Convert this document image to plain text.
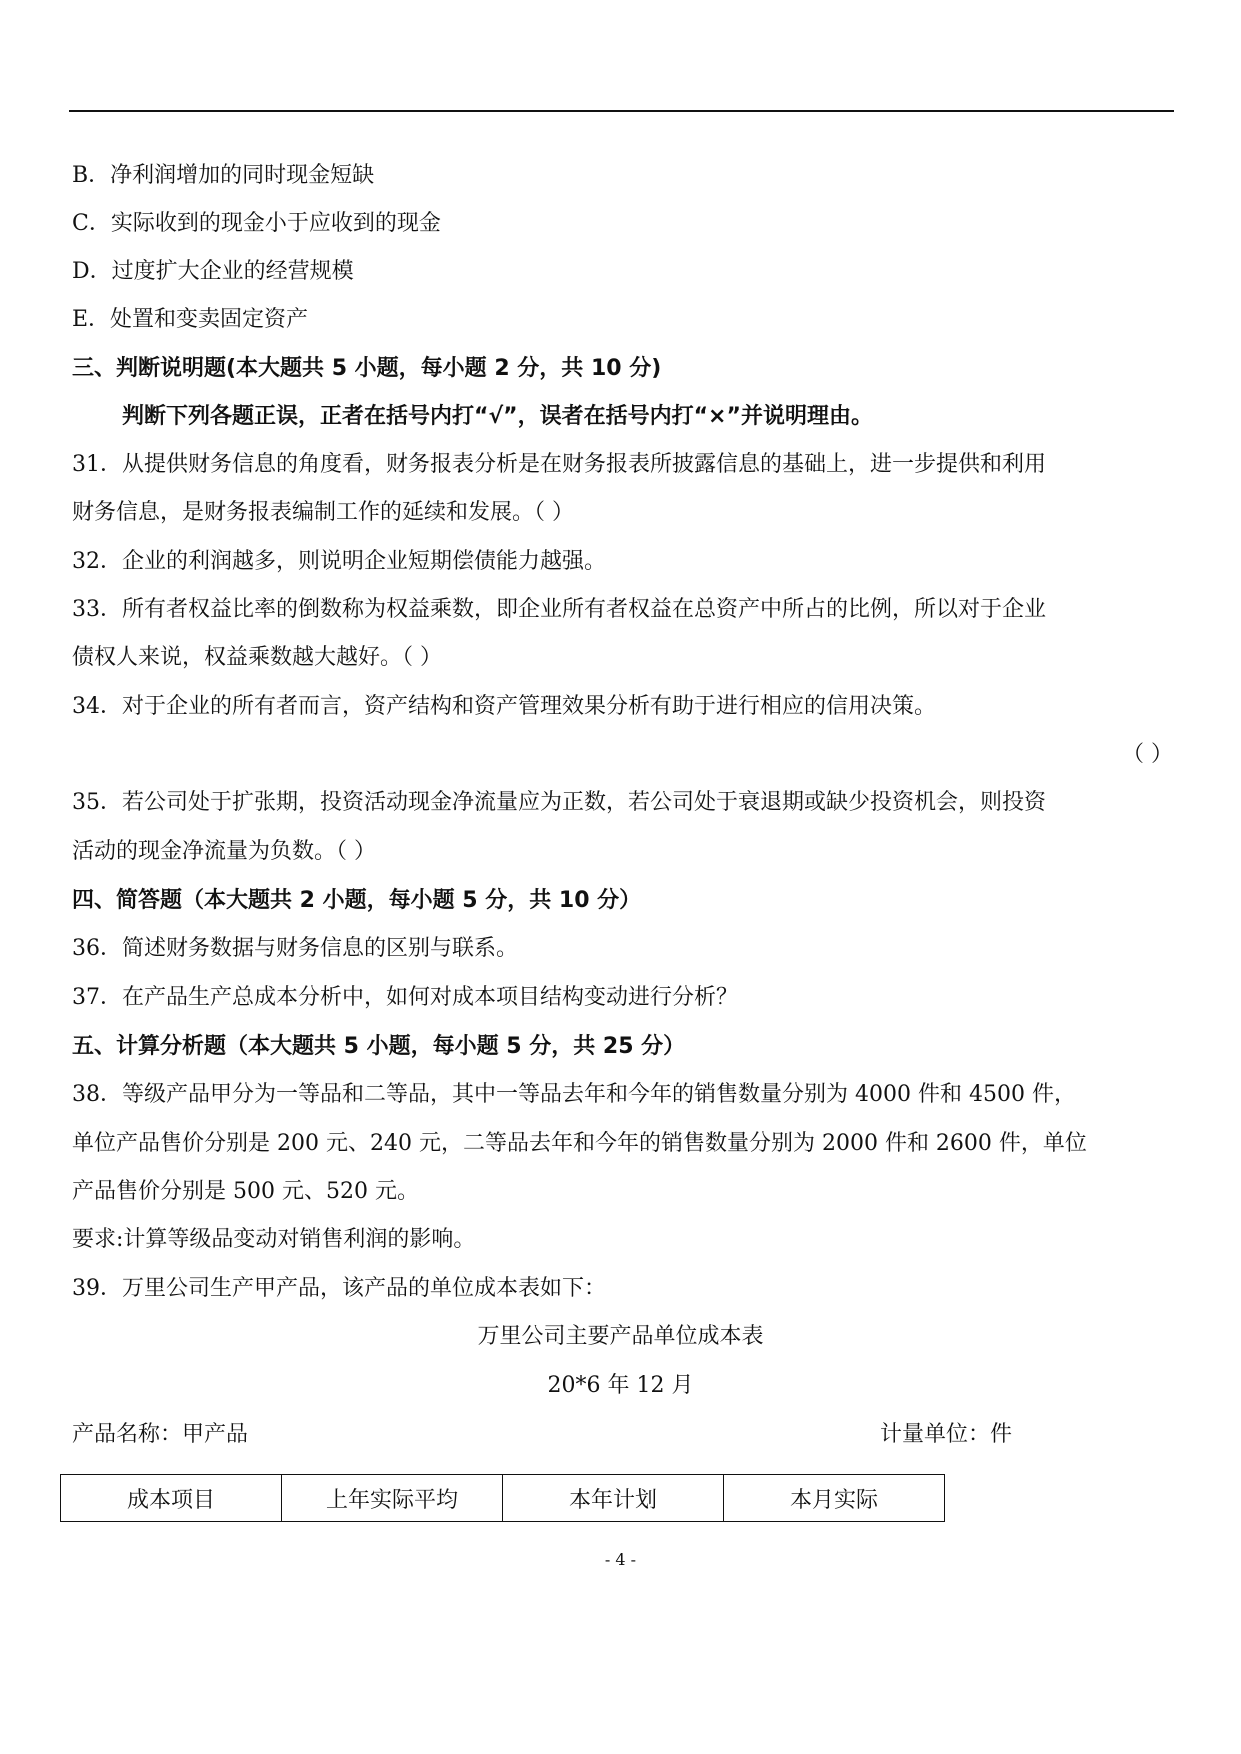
B．净利润增加的同时现金短缺
C．实际收到的现金小于应收到的现金
D．过度扩大企业的经营规模
E．处置和变卖固定资产
三、判断说明题(本大题共 5 小题，每小题 2 分，共 10 分)
判断下列各题正误，正者在括号内打“√”，误者在括号内打“×”并说明理由。
31．从提供财务信息的角度看，财务报表分析是在财务报表所披露信息的基础上，进一步提供和利用
财务信息，是财务报表编制工作的延续和发展。（ ）
32．企业的利润越多，则说明企业短期偿债能力越强。
33．所有者权益比率的倒数称为权益乘数，即企业所有者权益在总资产中所占的比例，所以对于企业
债权人来说，权益乘数越大越好。（ ）
34．对于企业的所有者而言，资产结构和资产管理效果分析有助于进行相应的信用决策。
（ ）
35．若公司处于扩张期，投资活动现金净流量应为正数，若公司处于衰退期或缺少投资机会，则投资
活动的现金净流量为负数。（ ）
四、简答题（本大题共 2 小题，每小题 5 分，共 10 分）
36．简述财务数据与财务信息的区别与联系。
37．在产品生产总成本分析中，如何对成本项目结构变动进行分析？
五、计算分析题（本大题共 5 小题，每小题 5 分，共 25 分）
38．等级产品甲分为一等品和二等品，其中一等品去年和今年的销售数量分别为 4000 件和 4500 件，
单位产品售价分别是 200 元、240 元，二等品去年和今年的销售数量分别为 2000 件和 2600 件，单位
产品售价分别是 500 元、520 元。
要求:计算等级品变动对销售利润的影响。
39．万里公司生产甲产品，该产品的单位成本表如下：
万里公司主要产品单位成本表
20*6 年 12 月
产品名称：甲产品	计量单位：件
成本项目	上年实际平均	本年计划	本月实际
- 4 -
